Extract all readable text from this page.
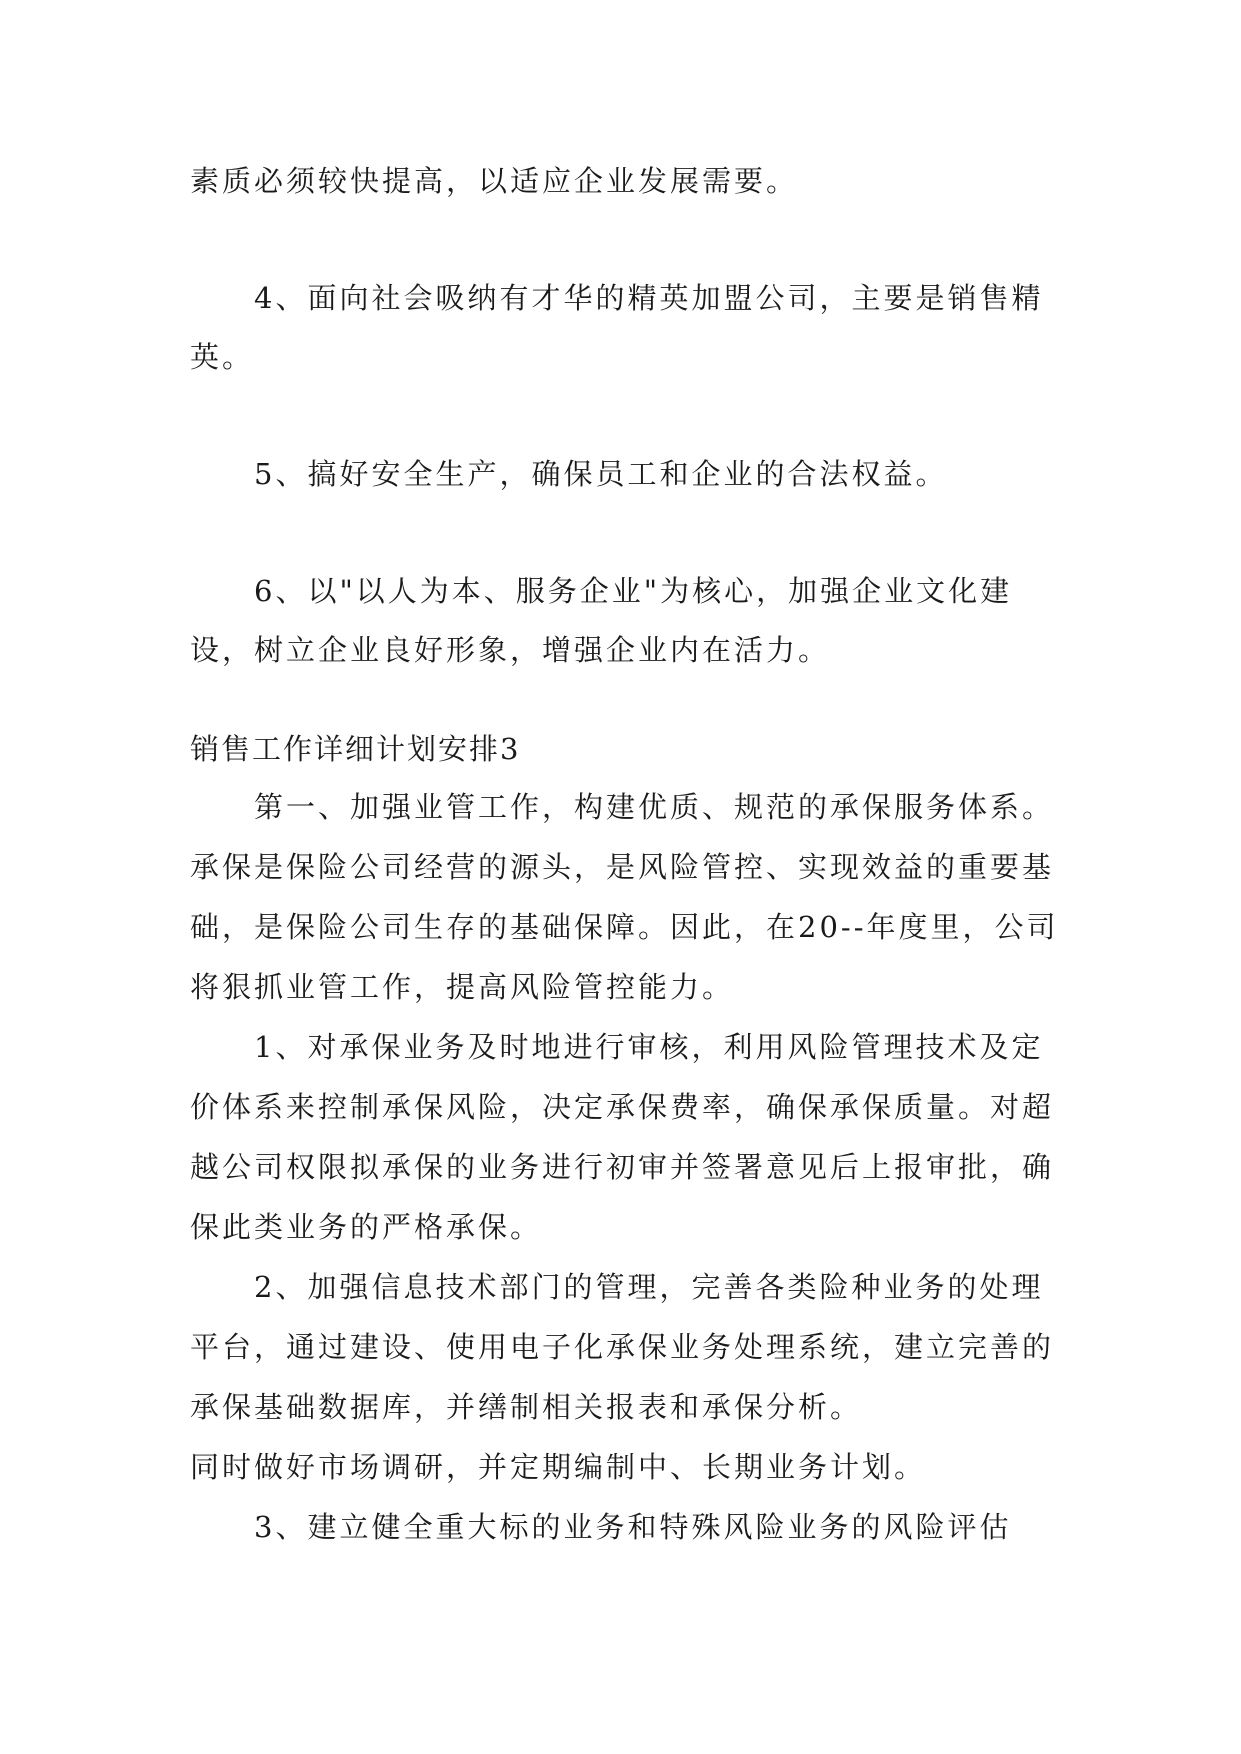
素质必须较快提高，以适应企业发展需要。

4、面向社会吸纳有才华的精英加盟公司，主要是销售精英。

5、搞好安全生产，确保员工和企业的合法权益。

6、以"以人为本、服务企业"为核心，加强企业文化建设，树立企业良好形象，增强企业内在活力。

销售工作详细计划安排3

第一、加强业管工作，构建优质、规范的承保服务体系。承保是保险公司经营的源头，是风险管控、实现效益的重要基础，是保险公司生存的基础保障。因此，在20--年度里，公司将狠抓业管工作，提高风险管控能力。

1、对承保业务及时地进行审核，利用风险管理技术及定价体系来控制承保风险，决定承保费率，确保承保质量。对超越公司权限拟承保的业务进行初审并签署意见后上报审批，确保此类业务的严格承保。

2、加强信息技术部门的管理，完善各类险种业务的处理平台，通过建设、使用电子化承保业务处理系统，建立完善的承保基础数据库，并缮制相关报表和承保分析。

同时做好市场调研，并定期编制中、长期业务计划。

3、建立健全重大标的业务和特殊风险业务的风险评估
